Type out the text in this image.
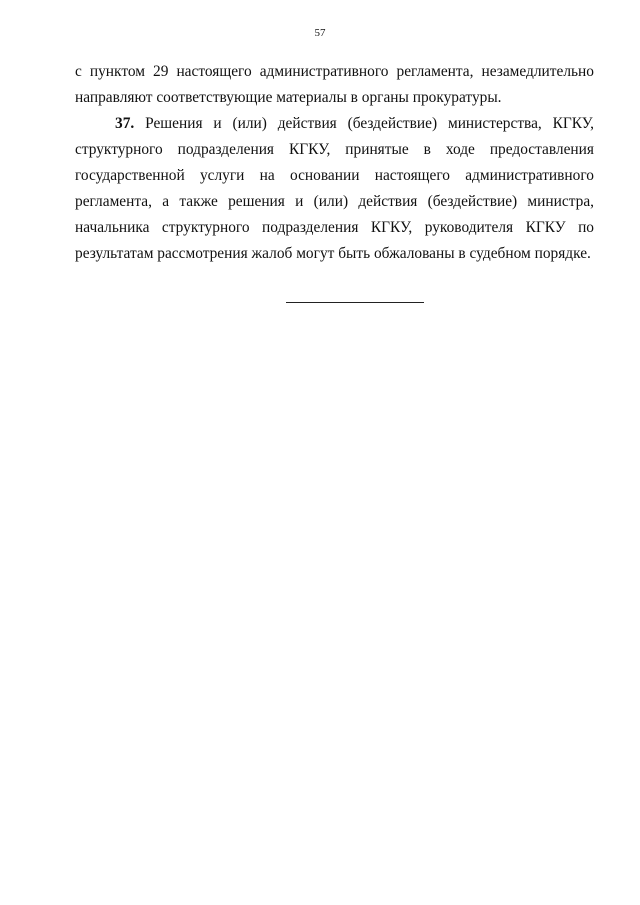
57

с пунктом 29 настоящего административного регламента, незамедлительно направляют соответствующие материалы в органы прокуратуры.

37. Решения и (или) действия (бездействие) министерства, КГКУ, структурного подразделения КГКУ, принятые в ходе предоставления государственной услуги на основании настоящего административного регламента, а также решения и (или) действия (бездействие) министра, начальника структурного подразделения КГКУ, руководителя КГКУ по результатам рассмотрения жалоб могут быть обжалованы в судебном порядке.
